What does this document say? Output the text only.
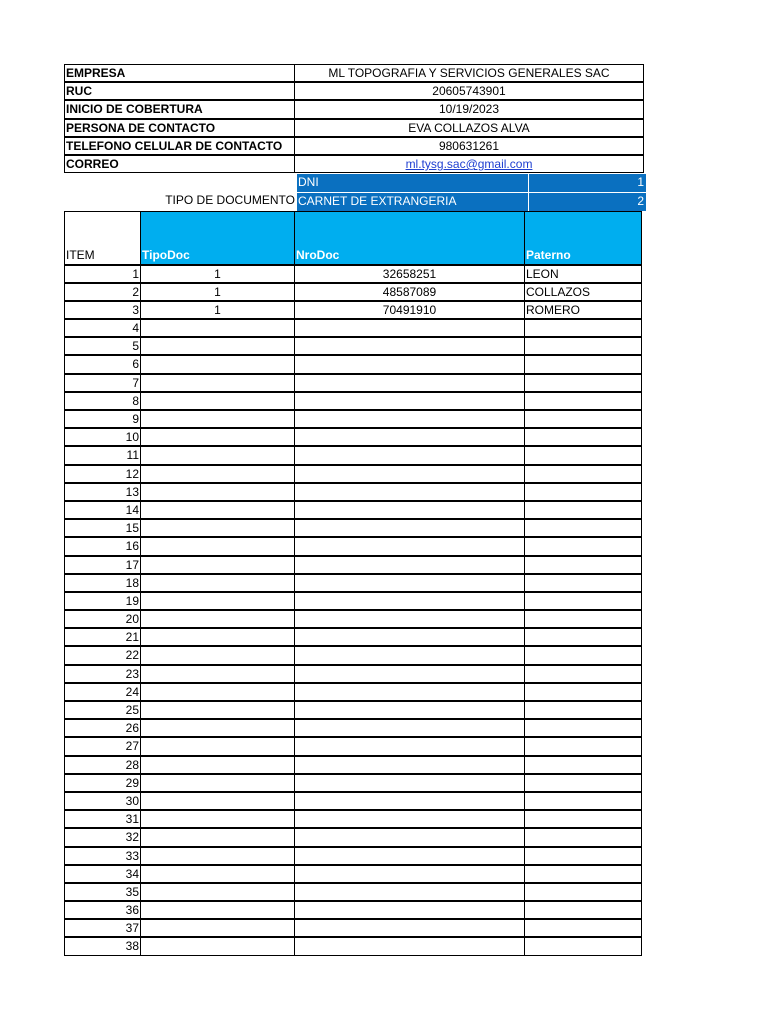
EMPRESA	ML TOPOGRAFIA Y SERVICIOS GENERALES SAC
RUC	20605743901
INICIO DE COBERTURA	10/19/2023
PERSONA DE CONTACTO	EVA COLLAZOS ALVA
TELEFONO CELULAR DE CONTACTO	980631261
CORREO	ml.tysg.sac@gmail.com
DNI	1
TIPO DE DOCUMENTO CARNET DE EXTRANGERIA	2
ITEM	TipoDoc	NroDoc	Paterno
1	1	32658251	LEON
2	1	48587089	COLLAZOS
3	1	70491910	ROMERO
4
5
6
7
8
9
10
11
12
13
14
15
16
17
18
19
20
21
22
23
24
25
26
27
28
29
30
31
32
33
34
35
36
37
38
